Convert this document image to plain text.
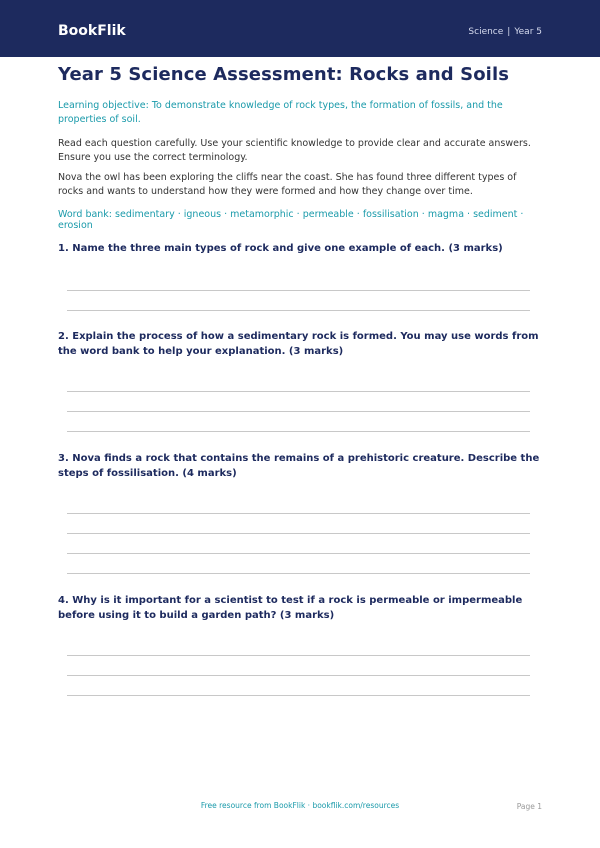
BookFlik	Science | Year 5
Year 5 Science Assessment: Rocks and Soils
Learning objective: To demonstrate knowledge of rock types, the formation of fossils, and the properties of soil.
Read each question carefully. Use your scientific knowledge to provide clear and accurate answers. Ensure you use the correct terminology.
Nova the owl has been exploring the cliffs near the coast. She has found three different types of rocks and wants to understand how they were formed and how they change over time.
Word bank: sedimentary · igneous · metamorphic · permeable · fossilisation · magma · sediment · erosion
1. Name the three main types of rock and give one example of each. (3 marks)
2. Explain the process of how a sedimentary rock is formed. You may use words from the word bank to help your explanation. (3 marks)
3. Nova finds a rock that contains the remains of a prehistoric creature. Describe the steps of fossilisation. (4 marks)
4. Why is it important for a scientist to test if a rock is permeable or impermeable before using it to build a garden path? (3 marks)
Free resource from BookFlik · bookflik.com/resources	Page 1
